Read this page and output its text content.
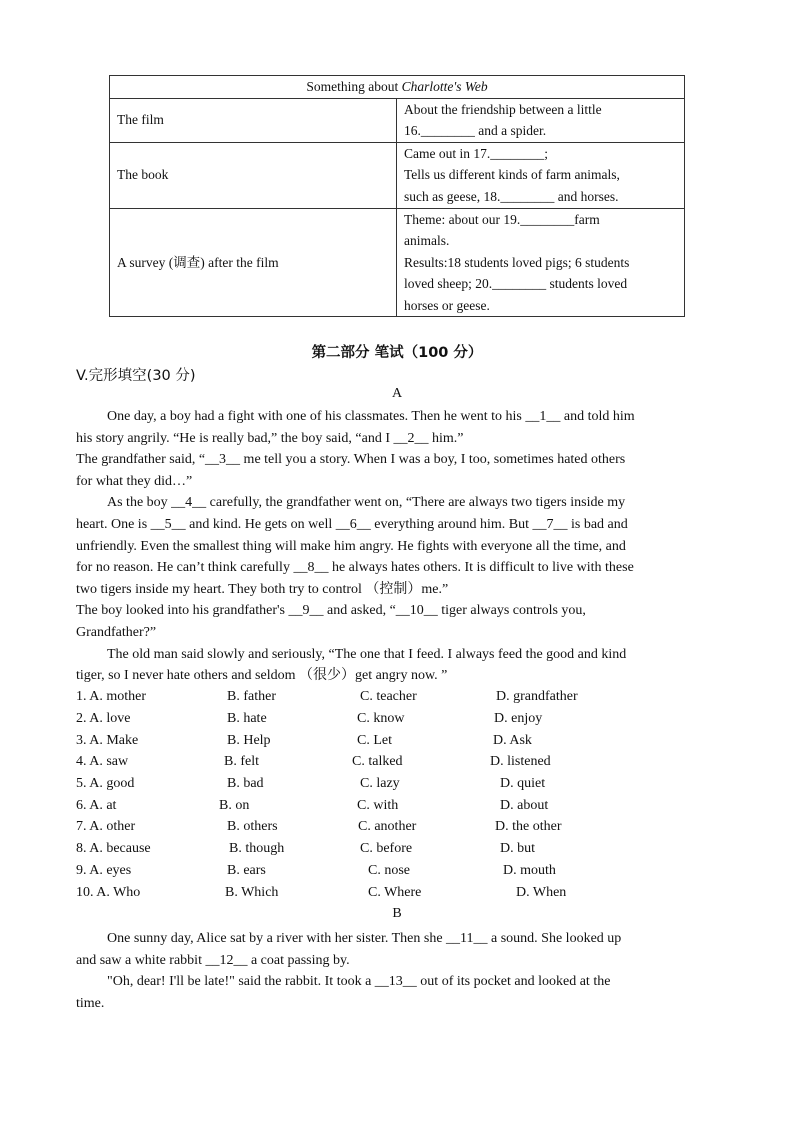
Something about Charlotte's Web	
The film	About the friendship between a little
16.________ and a spider.

The book	Came out in 17.________;
Tells us different kinds of farm animals,
such as geese, 18.________ and horses.

A survey (调查) after the film	Theme: about our 19.________farm
animals.
Results:18 students loved pigs; 6 students
loved sheep; 20.________ students loved
horses or geese.
第二部分 笔试（100 分）
V.完形填空(30 分)
A
One day, a boy had a fight with one of his classmates. Then he went to his __1__ and told him
his story angrily. “He is really bad,” the boy said, “and I __2__ him.”
The grandfather said, “__3__ me tell you a story. When I was a boy, I too, sometimes hated others
for what they did…”
As the boy __4__ carefully, the grandfather went on, “There are always two tigers inside my
heart. One is __5__ and kind. He gets on well __6__ everything around him. But __7__ is bad and
unfriendly. Even the smallest thing will make him angry. He fights with everyone all the time, and
for no reason. He can’t think carefully __8__ he always hates others. It is difficult to live with these
two tigers inside my heart. They both try to control （控制）me.”
The boy looked into his grandfather's __9__ and asked, “__10__ tiger always controls you,
Grandfather?”
The old man said slowly and seriously, “The one that I feed. I always feed the good and kind
tiger, so I never hate others and seldom （很少）get angry now. ”
1. A. mother	B. father	C. teacher	D. grandfather
2. A. love	B. hate	C. know	D. enjoy
3. A. Make	B. Help	C. Let	D. Ask
4. A. saw	B. felt	C. talked	D. listened
5. A. good	B. bad	C. lazy	D. quiet
6. A. at	B. on	C. with	D. about
7. A. other	B. others	C. another	D. the other
8. A. because	B. though	C. before	D. but
9. A. eyes	B. ears	C. nose	D. mouth
10. A. Who	B. Which	C. Where	D. When
B
One sunny day, Alice sat by a river with her sister. Then she __11__ a sound. She looked up
and saw a white rabbit __12__ a coat passing by.
"Oh, dear! I'll be late!" said the rabbit. It took a __13__ out of its pocket and looked at the
time.
